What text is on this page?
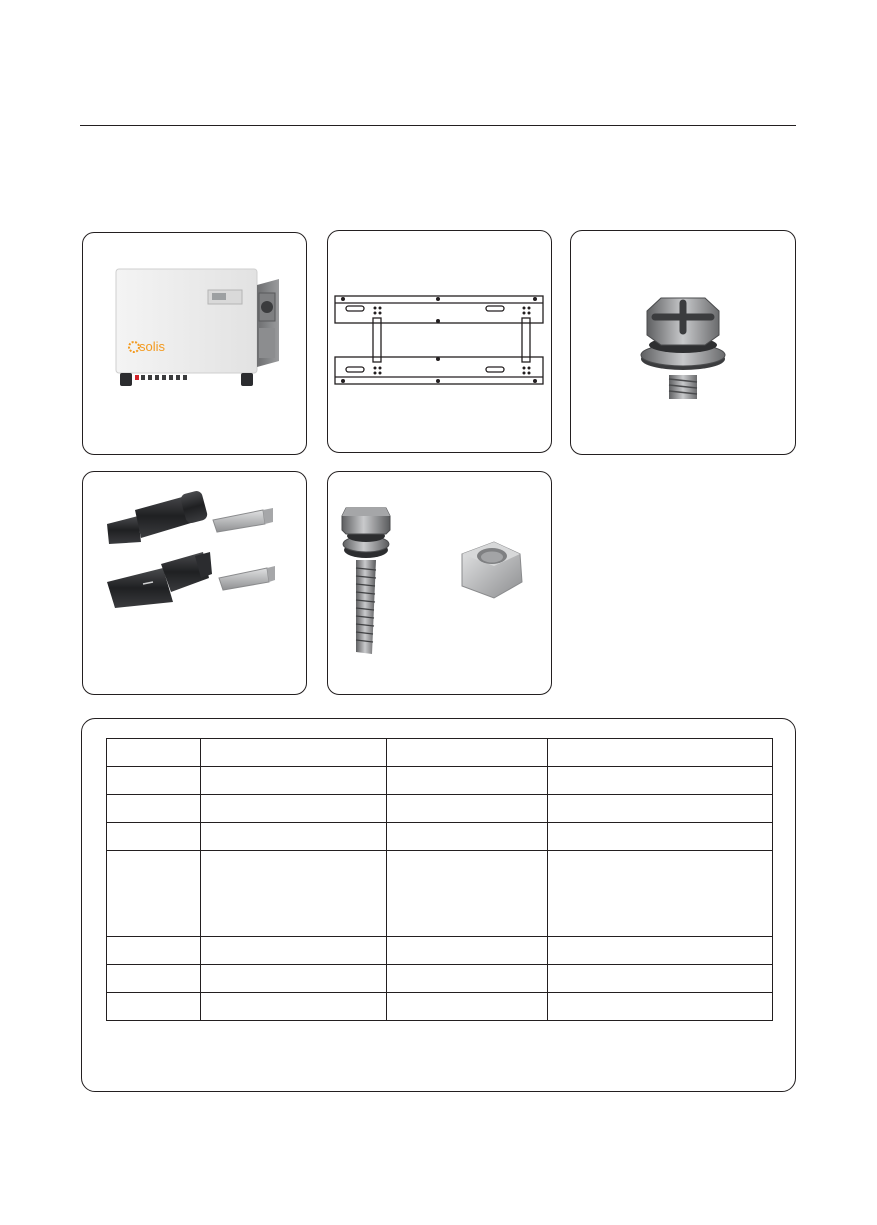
solis
